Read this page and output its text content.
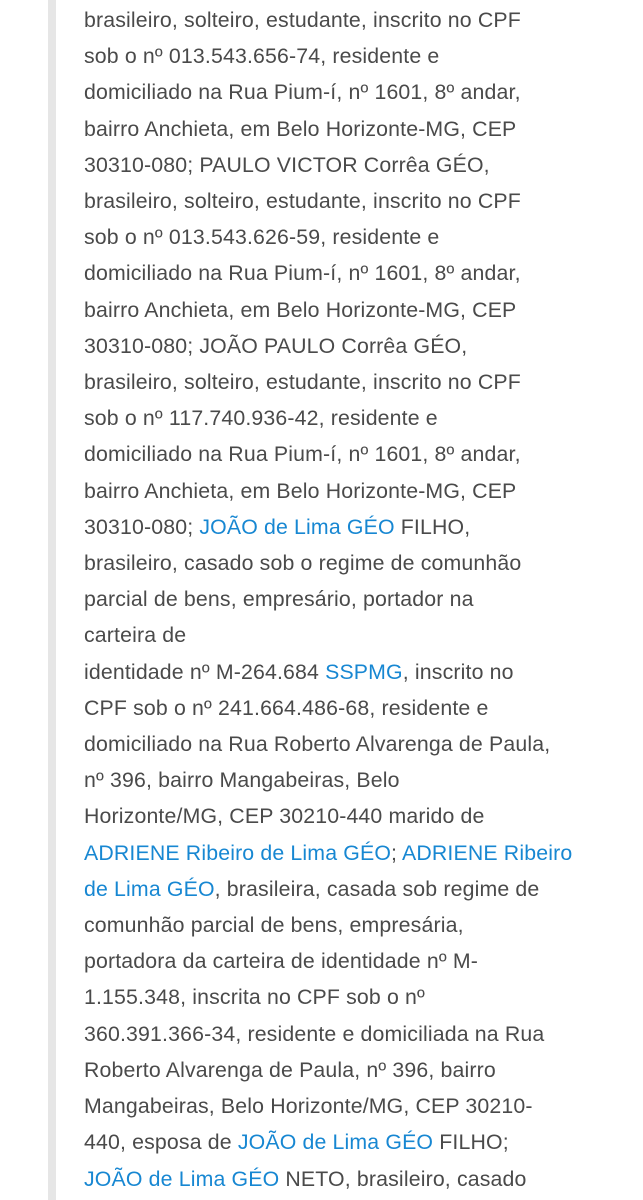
brasileiro, solteiro, estudante, inscrito no CPF
sob o nº 013.543.656-74, residente e
domiciliado na Rua Pium-í, nº 1601, 8º andar,
bairro Anchieta, em Belo Horizonte-MG, CEP
30310-080; PAULO VICTOR Corrêa GÉO,
brasileiro, solteiro, estudante, inscrito no CPF
sob o nº 013.543.626-59, residente e
domiciliado na Rua Pium-í, nº 1601, 8º andar,
bairro Anchieta, em Belo Horizonte-MG, CEP
30310-080; JOÃO PAULO Corrêa GÉO,
brasileiro, solteiro, estudante, inscrito no CPF
sob o nº 117.740.936-42, residente e
domiciliado na Rua Pium-í, nº 1601, 8º andar,
bairro Anchieta, em Belo Horizonte-MG, CEP
30310-080; JOÃO de Lima GÉO FILHO,
brasileiro, casado sob o regime de comunhão
parcial de bens, empresário, portador na
carteira de
identidade nº M-264.684 SSPMG, inscrito no
CPF sob o nº 241.664.486-68, residente e
domiciliado na Rua Roberto Alvarenga de Paula,
nº 396, bairro Mangabeiras, Belo
Horizonte/MG, CEP 30210-440 marido de
ADRIENE Ribeiro de Lima GÉO; ADRIENE Ribeiro
de Lima GÉO, brasileira, casada sob regime de
comunhão parcial de bens, empresária,
portadora da carteira de identidade nº M-
1.155.348, inscrita no CPF sob o nº
360.391.366-34, residente e domiciliada na Rua
Roberto Alvarenga de Paula, nº 396, bairro
Mangabeiras, Belo Horizonte/MG, CEP 30210-
440, esposa de JOÃO de Lima GÉO FILHO;
JOÃO de Lima GÉO NETO, brasileiro, casado
